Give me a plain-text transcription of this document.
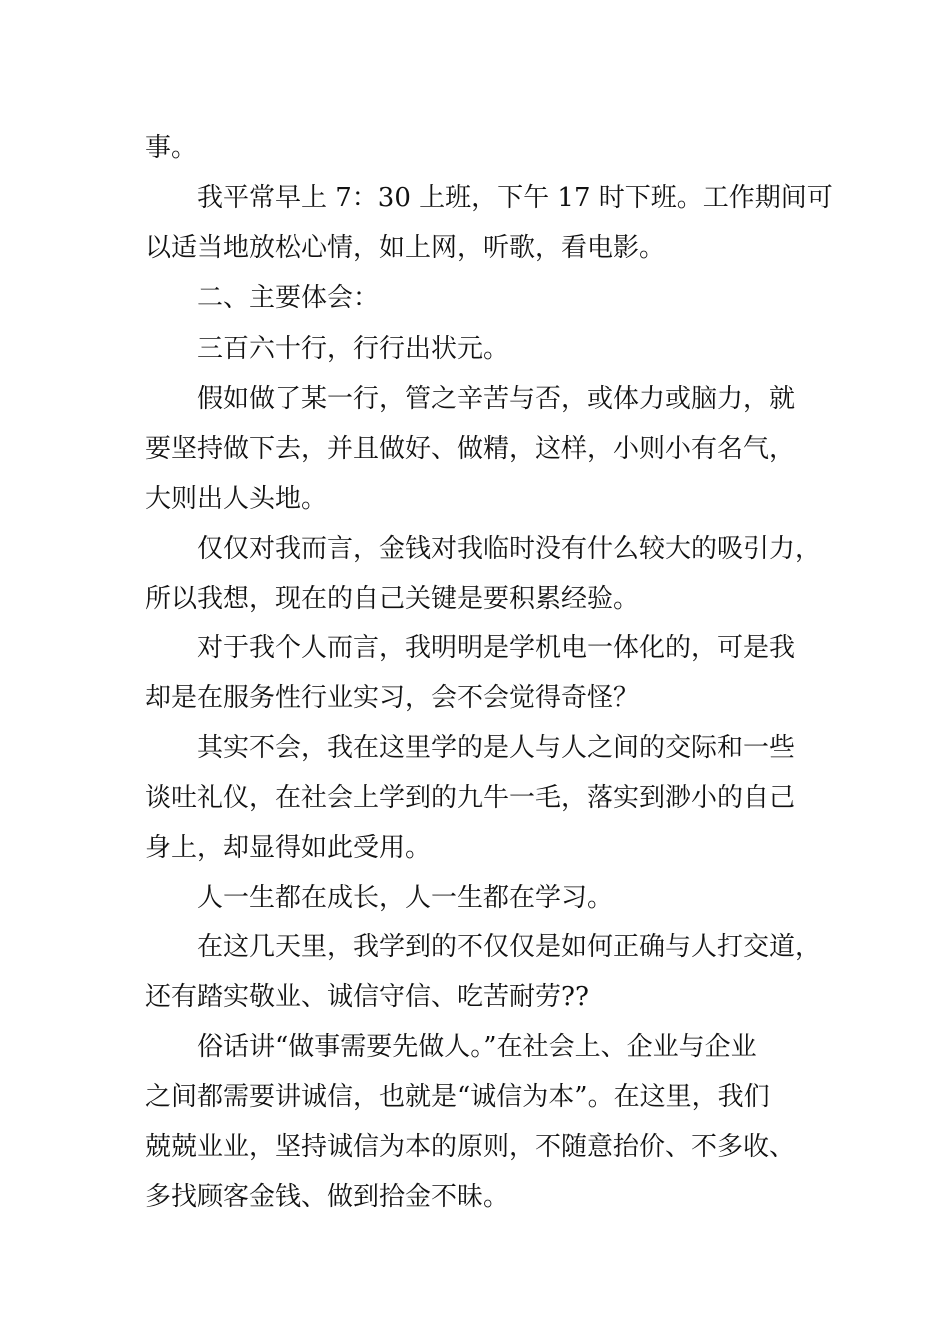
事。

我平常早上 7：30 上班，下午 17 时下班。工作期间可

以适当地放松心情，如上网，听歌，看电影。

二、主要体会：

三百六十行，行行出状元。

假如做了某一行，管之辛苦与否，或体力或脑力，就

要坚持做下去，并且做好、做精，这样，小则小有名气，

大则出人头地。

仅仅对我而言，金钱对我临时没有什么较大的吸引力，

所以我想，现在的自己关键是要积累经验。

对于我个人而言，我明明是学机电一体化的，可是我

却是在服务性行业实习，会不会觉得奇怪？

其实不会，我在这里学的是人与人之间的交际和一些

谈吐礼仪，在社会上学到的九牛一毛，落实到渺小的自己

身上，却显得如此受用。

人一生都在成长，人一生都在学习。

在这几天里，我学到的不仅仅是如何正确与人打交道，

还有踏实敬业、诚信守信、吃苦耐劳??

俗话讲“做事需要先做人。”在社会上、企业与企业

之间都需要讲诚信，也就是“诚信为本”。在这里，我们

兢兢业业，坚持诚信为本的原则，不随意抬价、不多收、

多找顾客金钱、做到拾金不昧。
